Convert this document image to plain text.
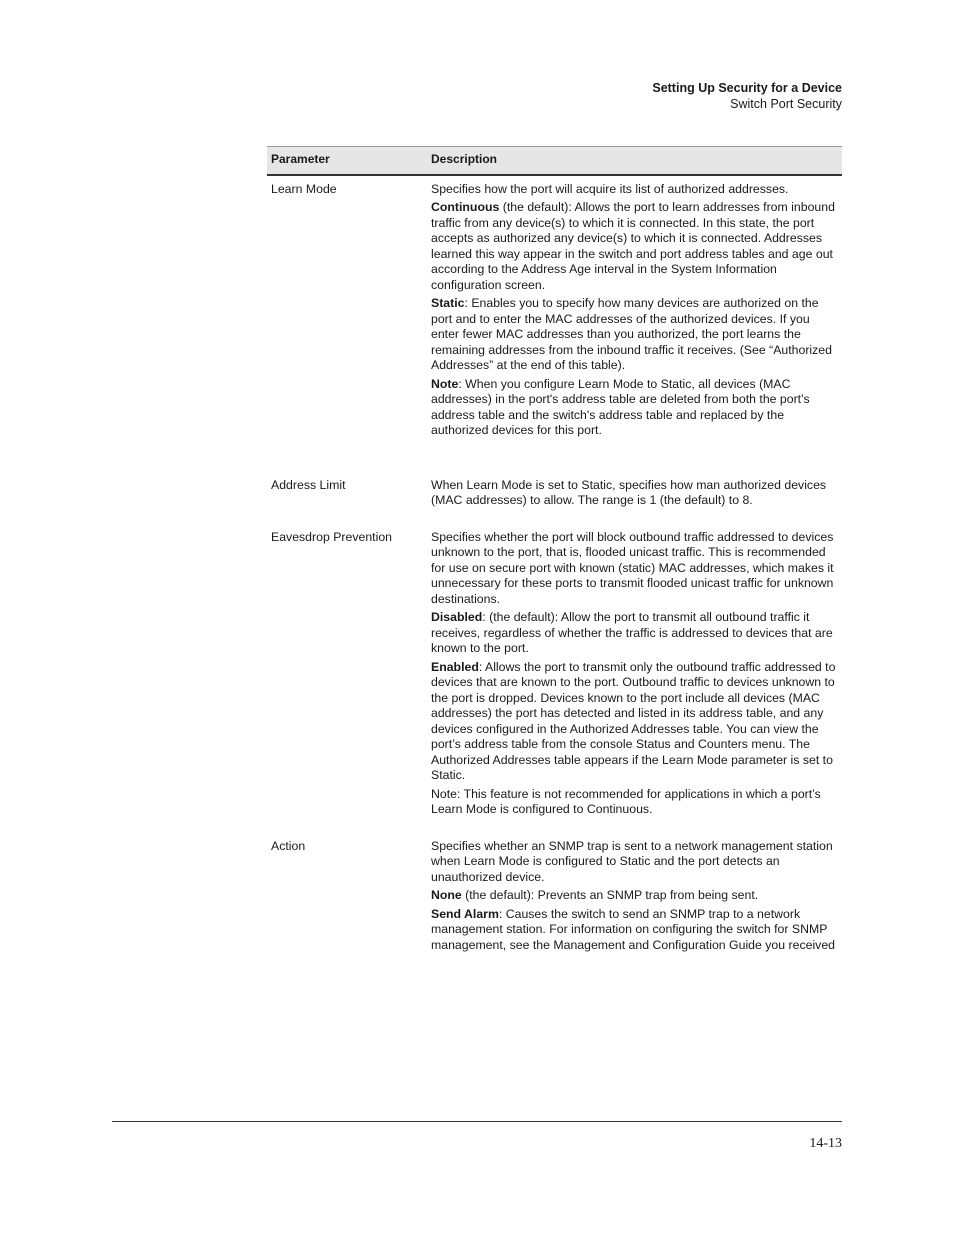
Setting Up Security for a Device
Switch Port Security
Parameter	Description
Learn Mode	Specifies how the port will acquire its list of authorized addresses.

Continuous (the default): Allows the port to learn addresses from inbound traffic from any device(s) to which it is connected. In this state, the port accepts as authorized any device(s) to which it is connected. Addresses learned this way appear in the switch and port address tables and age out according to the Address Age interval in the System Information configuration screen.

Static: Enables you to specify how many devices are authorized on the port and to enter the MAC addresses of the authorized devices. If you enter fewer MAC addresses than you authorized, the port learns the remaining addresses from the inbound traffic it receives. (See “Authorized Addresses” at the end of this table).

Note: When you configure Learn Mode to Static, all devices (MAC addresses) in the port's address table are deleted from both the port's address table and the switch's address table and replaced by the authorized devices for this port.

Address Limit	When Learn Mode is set to Static, specifies how man authorized devices (MAC addresses) to allow. The range is 1 (the default) to 8.

Eavesdrop Prevention	Specifies whether the port will block outbound traffic addressed to devices unknown to the port, that is, flooded unicast traffic. This is recommended for use on secure port with known (static) MAC addresses, which makes it unnecessary for these ports to transmit flooded unicast traffic for unknown destinations.

Disabled: (the default): Allow the port to transmit all outbound traffic it receives, regardless of whether the traffic is addressed to devices that are known to the port.

Enabled: Allows the port to transmit only the outbound traffic addressed to devices that are known to the port. Outbound traffic to devices unknown to the port is dropped. Devices known to the port include all devices (MAC addresses) the port has detected and listed in its address table, and any devices configured in the Authorized Addresses table. You can view the port’s address table from the console Status and Counters menu. The Authorized Addresses table appears if the Learn Mode parameter is set to Static.

Note: This feature is not recommended for applications in which a port’s Learn Mode is configured to Continuous.

Action	Specifies whether an SNMP trap is sent to a network management station when Learn Mode is configured to Static and the port detects an unauthorized device.

None (the default): Prevents an SNMP trap from being sent.

Send Alarm: Causes the switch to send an SNMP trap to a network management station. For information on configuring the switch for SNMP management, see the Management and Configuration Guide you received

14-13
